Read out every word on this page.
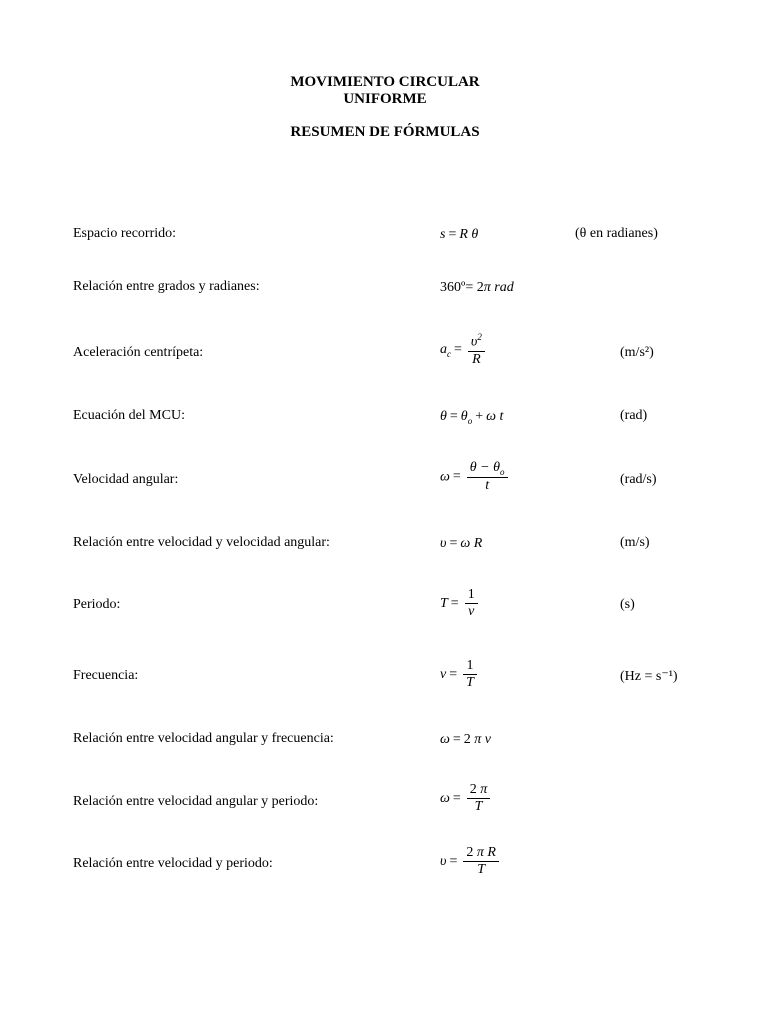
MOVIMIENTO CIRCULAR
UNIFORME
RESUMEN DE FÓRMULAS
Espacio recorrido:	s = R θ	(θ en radianes)
Relación entre grados y radianes:	360º= 2π rad
Aceleración centrípeta:	$a_c = \frac{\upsilon^2}{R}$	(m/s²)
Ecuación del MCU:	$\theta = \theta_o + \omega$ t	(rad)
Velocidad angular:	$\omega = \frac{\theta - \theta_o}{t}$	(rad/s)
Relación entre velocidad y velocidad angular:	υ = ω R	(m/s)
Periodo:	$T = \frac{1}{\nu}$	(s)
Frecuencia:	$\nu = \frac{1}{T}$	(Hz = s⁻¹)
Relación entre velocidad angular y frecuencia:	ω = 2 π ν
Relación entre velocidad angular y periodo:	$\omega = \frac{2 \pi}{T}$
Relación entre velocidad y periodo:	$\upsilon = \frac{\text{2 π R}}{T}$
